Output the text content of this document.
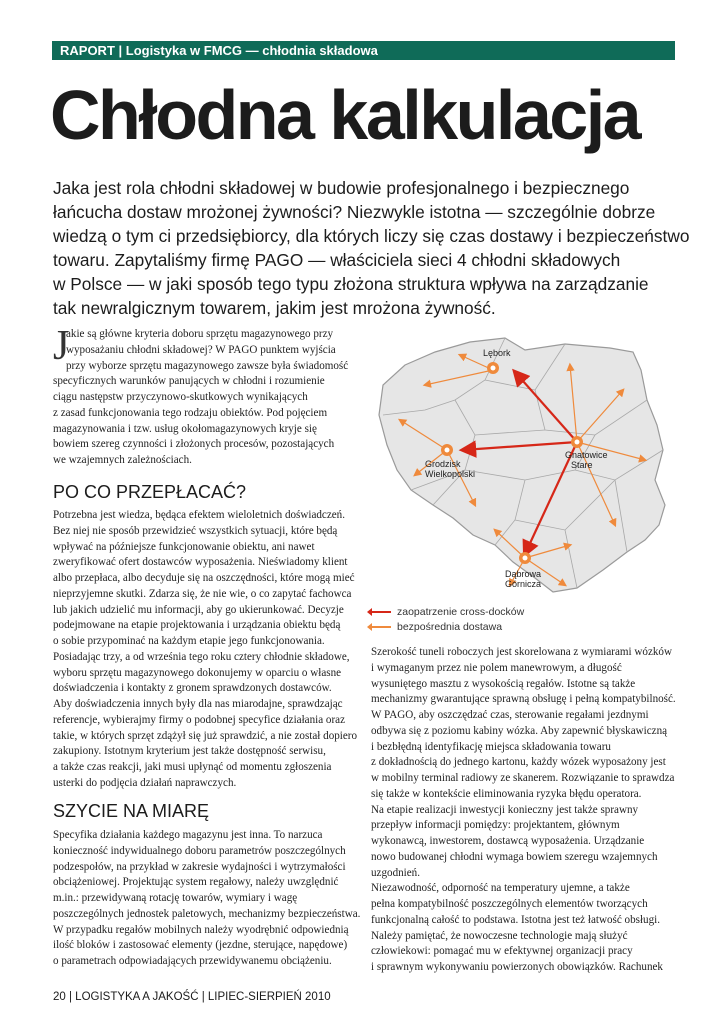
RAPORT | Logistyka w FMCG — chłodnia składowa
Chłodna kalkulacja
Jaka jest rola chłodni składowej w budowie profesjonalnego i bezpiecznego
łańcucha dostaw mrożonej żywności? Niezwykle istotna — szczególnie dobrze
wiedzą o tym ci przedsiębiorcy, dla których liczy się czas dostawy i bezpieczeństwo
towaru. Zapytaliśmy firmę PAGO — właściciela sieci 4 chłodni składowych
w Polsce — w jaki sposób tego typu złożona struktura wpływa na zarządzanie
tak newralgicznym towarem, jakim jest mrożona żywność.
J
akie są główne kryteria doboru sprzętu magazynowego przy
wyposażaniu chłodni składowej? W PAGO punktem wyjścia
przy wyborze sprzętu magazynowego zawsze była świadomość
specyficznych warunków panujących w chłodni i rozumienie
ciągu następstw przyczynowo-skutkowych wynikających
z zasad funkcjonowania tego rodzaju obiektów. Pod pojęciem
magazynowania i tzw. usług okołomagazynowych kryje się
bowiem szereg czynności i złożonych procesów, pozostających
we wzajemnych zależnościach.
PO CO PRZEPŁACAĆ?
Potrzebna jest wiedza, będąca efektem wieloletnich doświadczeń.
Bez niej nie sposób przewidzieć wszystkich sytuacji, które będą
wpływać na późniejsze funkcjonowanie obiektu, ani nawet
zweryfikować ofert dostawców wyposażenia. Nieświadomy klient
albo przepłaca, albo decyduje się na oszczędności, które mogą mieć
nieprzyjemne skutki. Zdarza się, że nie wie, o co zapytać fachowca
lub jakich udzielić mu informacji, aby go ukierunkować. Decyzje
podejmowane na etapie projektowania i urządzania obiektu będą
o sobie przypominać na każdym etapie jego funkcjonowania.
Posiadając trzy, a od września tego roku cztery chłodnie składowe,
wyboru sprzętu magazynowego dokonujemy w oparciu o własne
doświadczenia i kontakty z gronem sprawdzonych dostawców.
Aby doświadczenia innych były dla nas miarodajne, sprawdzając
referencje, wybierajmy firmy o podobnej specyfice działania oraz
takie, w których sprzęt zdążył się już sprawdzić, a nie został dopiero
zakupiony. Istotnym kryterium jest także dostępność serwisu,
a także czas reakcji, jaki musi upłynąć od momentu zgłoszenia
usterki do podjęcia działań naprawczych.
SZYCIE NA MIARĘ
Specyfika działania każdego magazynu jest inna. To narzuca
konieczność indywidualnego doboru parametrów poszczególnych
podzespołów, na przykład w zakresie wydajności i wytrzymałości
obciążeniowej. Projektując system regałowy, należy uwzględnić
m.in.: przewidywaną rotację towarów, wymiary i wagę
poszczególnych jednostek paletowych, mechanizmy bezpieczeństwa.
W przypadku regałów mobilnych należy wyodrębnić odpowiednią
ilość bloków i zastosować elementy (jezdne, sterujące, napędowe)
o parametrach odpowiadających przewidywanemu obciążeniu.
Lębork
Grodzisk
Wielkopolski
Gnatowice
Stare
Dąbrowa
Górnicza
zaopatrzenie cross-docków
bezpośrednia dostawa
Szerokość tuneli roboczych jest skorelowana z wymiarami wózków
i wymaganym przez nie polem manewrowym, a długość
wysuniętego masztu z wysokością regałów. Istotne są także
mechanizmy gwarantujące sprawną obsługę i pełną kompatybilność.
W PAGO, aby oszczędzać czas, sterowanie regałami jezdnymi
odbywa się z poziomu kabiny wózka. Aby zapewnić błyskawiczną
i bezbłędną identyfikację miejsca składowania towaru
z dokładnością do jednego kartonu, każdy wózek wyposażony jest
w mobilny terminal radiowy ze skanerem. Rozwiązanie to sprawdza
się także w kontekście eliminowania ryzyka błędu operatora.
Na etapie realizacji inwestycji konieczny jest także sprawny
przepływ informacji pomiędzy: projektantem, głównym
wykonawcą, inwestorem, dostawcą wyposażenia. Urządzanie
nowo budowanej chłodni wymaga bowiem szeregu wzajemnych
uzgodnień.
Niezawodność, odporność na temperatury ujemne, a także
pełna kompatybilność poszczególnych elementów tworzących
funkcjonalną całość to podstawa. Istotna jest też łatwość obsługi.
Należy pamiętać, że nowoczesne technologie mają służyć
człowiekowi: pomagać mu w efektywnej organizacji pracy
i sprawnym wykonywaniu powierzonych obowiązków. Rachunek
20 | LOGISTYKA A JAKOŚĆ | LIPIEC-SIERPIEŃ 2010
